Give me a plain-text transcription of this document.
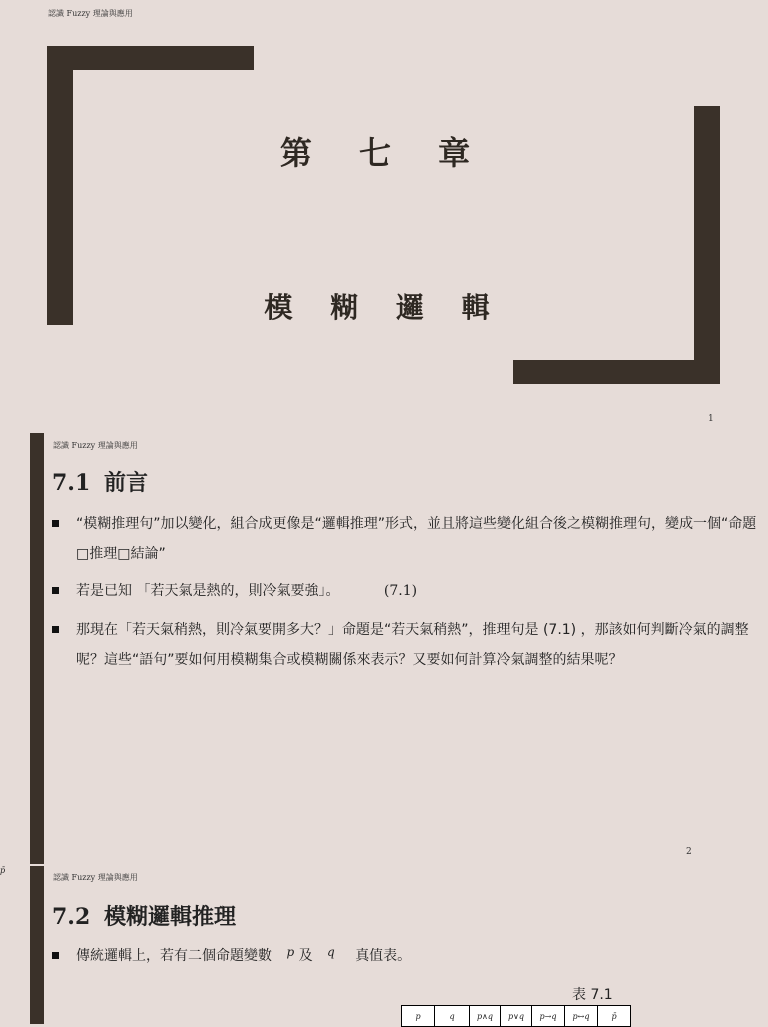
認識 Fuzzy 理論與應用
第 七 章
模 糊 邏 輯
1
認識 Fuzzy 理論與應用
7.1 前言
“模糊推理句”加以變化，組合成更像是“邏輯推理”形式，並且將這些變化組合後之模糊推理句，變成一個“命題□推理□結論”
若是已知 「若天氣是熱的，則冷氣要強」。	(7.1)
那現在「若天氣稍熱，則冷氣要開多大？」命題是“若天氣稍熱”，推理句是 (7.1) ，那該如何判斷冷氣的調整呢？這些“語句”要如何用模糊集合或模糊關係來表示？又要如何計算冷氣調整的結果呢？
2
p̄
認識 Fuzzy 理論與應用
7.2 模糊邏輯推理
傳統邏輯上，若有二個命題變數 p 及 q 真值表。
表 7.1
p	q	p∧q	p∨q	p→q	p↔q	p̄
